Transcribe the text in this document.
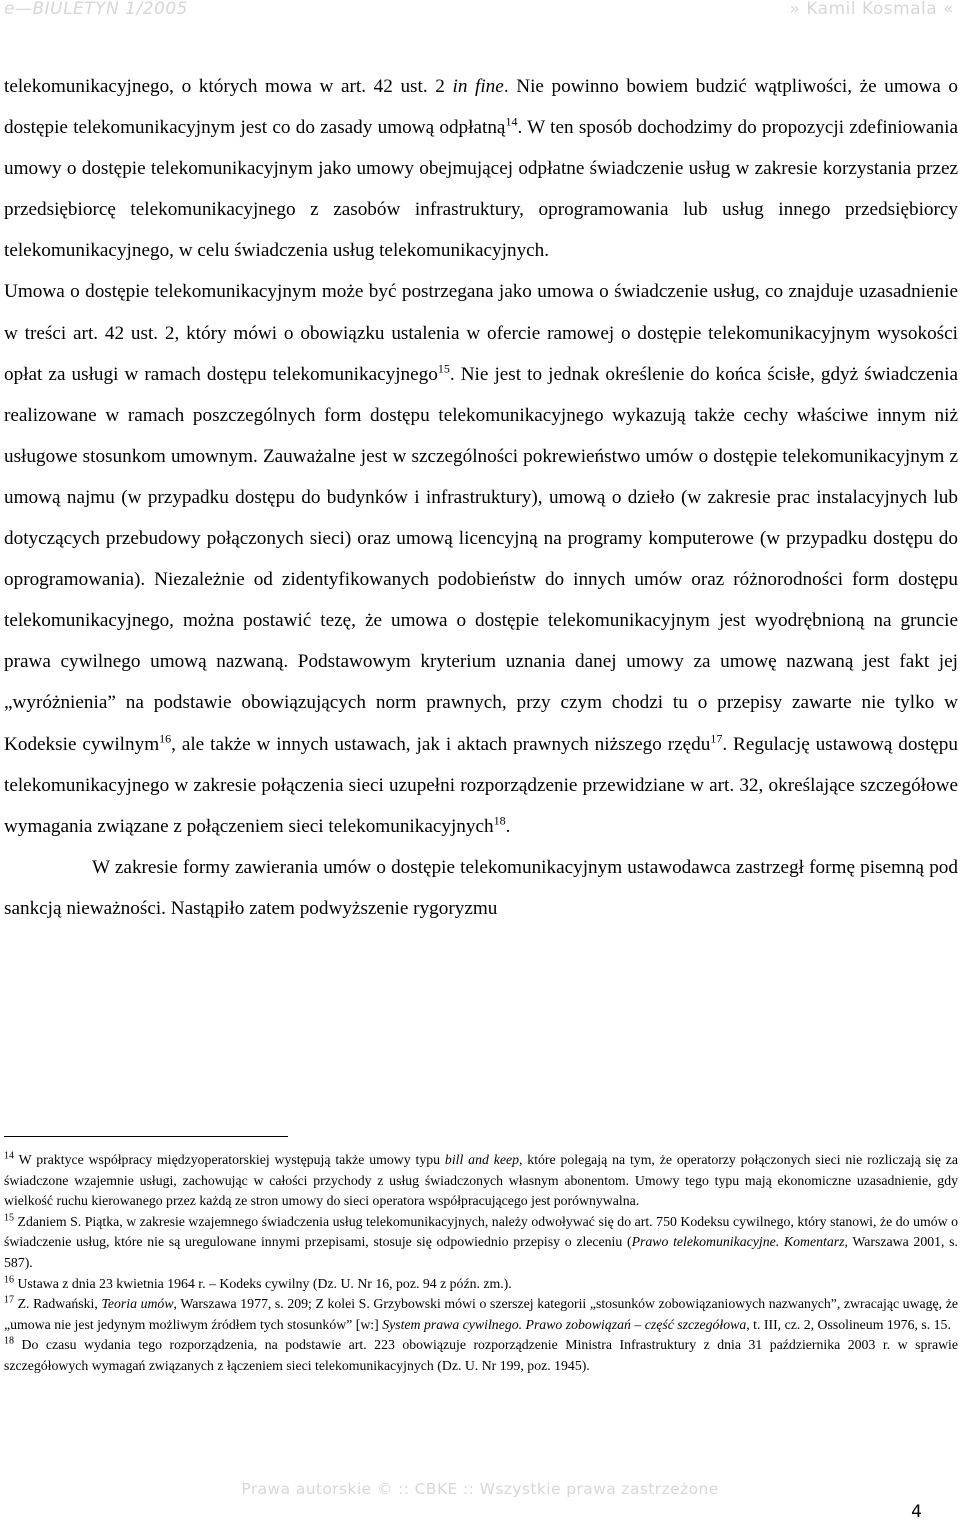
e—BIULETYN 1/2005	» Kamil Kosmala «

telekomunikacyjnego, o których mowa w art. 42 ust. 2 in fine. Nie powinno bowiem budzić wątpliwości, że umowa o dostępie telekomunikacyjnym jest co do zasady umową odpłatną$^{14}$. W ten sposób dochodzimy do propozycji zdefiniowania umowy o dostępie telekomunikacyjnym jako umowy obejmującej odpłatne świadczenie usług w zakresie korzystania przez przedsiębiorcę telekomunikacyjnego z zasobów infrastruktury, oprogramowania lub usług innego przedsiębiorcy telekomunikacyjnego, w celu świadczenia usług telekomunikacyjnych.

Umowa o dostępie telekomunikacyjnym może być postrzegana jako umowa o świadczenie usług, co znajduje uzasadnienie w treści art. 42 ust. 2, który mówi o obowiązku ustalenia w ofercie ramowej o dostępie telekomunikacyjnym wysokości opłat za usługi w ramach dostępu telekomunikacyjnego$^{15}$. Nie jest to jednak określenie do końca ścisłe, gdyż świadczenia realizowane w ramach poszczególnych form dostępu telekomunikacyjnego wykazują także cechy właściwe innym niż usługowe stosunkom umownym. Zauważalne jest w szczególności pokrewieństwo umów o dostępie telekomunikacyjnym z umową najmu (w przypadku dostępu do budynków i infrastruktury), umową o dzieło (w zakresie prac instalacyjnych lub dotyczących przebudowy połączonych sieci) oraz umową licencyjną na programy komputerowe (w przypadku dostępu do oprogramowania). Niezależnie od zidentyfikowanych podobieństw do innych umów oraz różnorodności form dostępu telekomunikacyjnego, można postawić tezę, że umowa o dostępie telekomunikacyjnym jest wyodrębnioną na gruncie prawa cywilnego umową nazwaną. Podstawowym kryterium uznania danej umowy za umowę nazwaną jest fakt jej „wyróżnienia” na podstawie obowiązujących norm prawnych, przy czym chodzi tu o przepisy zawarte nie tylko w Kodeksie cywilnym$^{16}$, ale także w innych ustawach, jak i aktach prawnych niższego rzędu$^{17}$. Regulację ustawową dostępu telekomunikacyjnego w zakresie połączenia sieci uzupełni rozporządzenie przewidziane w art. 32, określające szczegółowe wymagania związane z połączeniem sieci telekomunikacyjnych$^{18}$.

W zakresie formy zawierania umów o dostępie telekomunikacyjnym ustawodawca zastrzegł formę pisemną pod sankcją nieważności. Nastąpiło zatem podwyższenie rygoryzmu

$^{14}$ W praktyce współpracy międzyoperatorskiej występują także umowy typu bill and keep, które polegają na tym, że operatorzy połączonych sieci nie rozliczają się za świadczone wzajemnie usługi, zachowując w całości przychody z usług świadczonych własnym abonentom. Umowy tego typu mają ekonomiczne uzasadnienie, gdy wielkość ruchu kierowanego przez każdą ze stron umowy do sieci operatora współpracującego jest porównywalna.

$^{15}$ Zdaniem S. Piątka, w zakresie wzajemnego świadczenia usług telekomunikacyjnych, należy odwoływać się do art. 750 Kodeksu cywilnego, który stanowi, że do umów o świadczenie usług, które nie są uregulowane innymi przepisami, stosuje się odpowiednio przepisy o zleceniu (Prawo telekomunikacyjne. Komentarz, Warszawa 2001, s. 587).

$^{16}$ Ustawa z dnia 23 kwietnia 1964 r. – Kodeks cywilny (Dz. U. Nr 16, poz. 94 z późn. zm.).

$^{17}$ Z. Radwański, Teoria umów, Warszawa 1977, s. 209; Z kolei S. Grzybowski mówi o szerszej kategorii „stosunków zobowiązaniowych nazwanych”, zwracając uwagę, że „umowa nie jest jedynym możliwym źródłem tych stosunków” [w:] System prawa cywilnego. Prawo zobowiązań – część szczegółowa, t. III, cz. 2, Ossolineum 1976, s. 15.

$^{18}$ Do czasu wydania tego rozporządzenia, na podstawie art. 223 obowiązuje rozporządzenie Ministra Infrastruktury z dnia 31 października 2003 r. w sprawie szczegółowych wymagań związanych z łączeniem sieci telekomunikacyjnych (Dz. U. Nr 199, poz. 1945).

Prawa autorskie © :: CBKE :: Wszystkie prawa zastrzeżone
4
